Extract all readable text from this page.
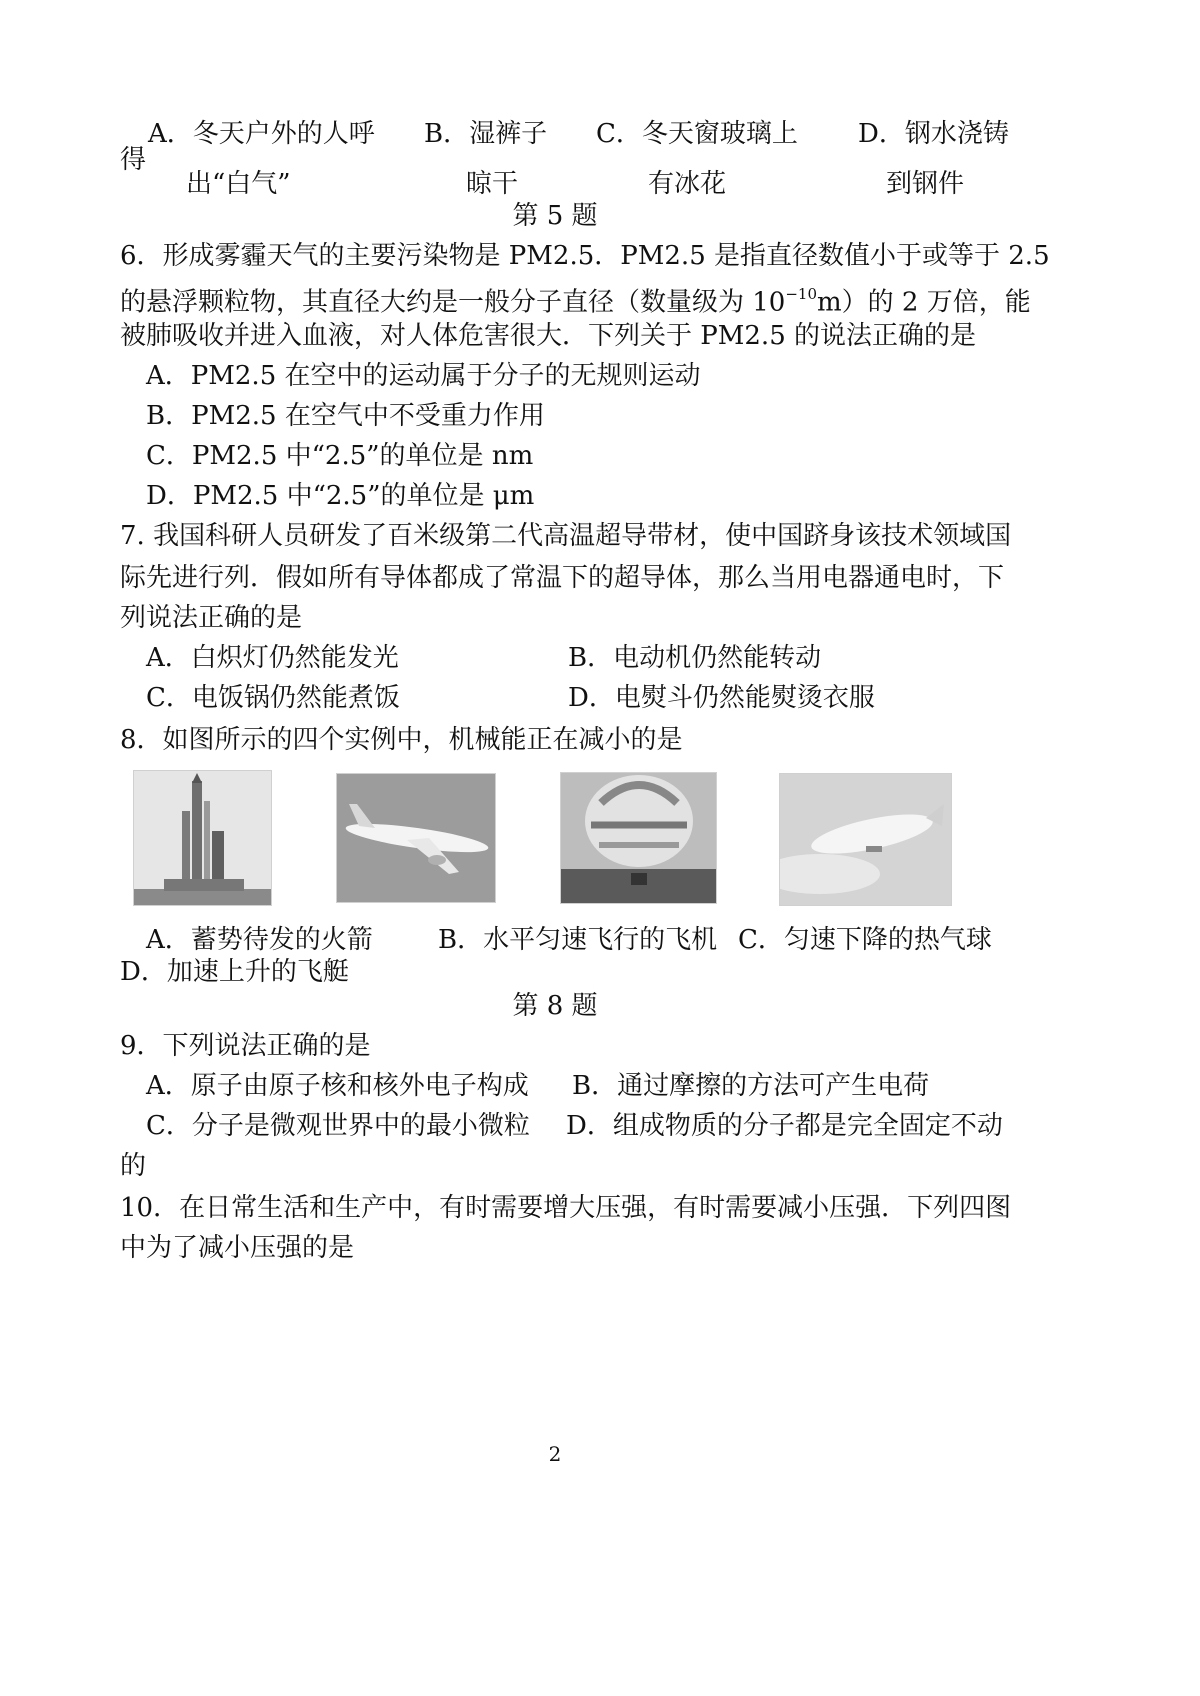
A．冬天户外的人呼 B．湿裤子 C．冬天窗玻璃上 D．钢水浇铸
得
出“白气”	晾干	有冰花	到钢件
第 5 题
6．形成雾霾天气的主要污染物是 PM2.5．PM2.5 是指直径数值小于或等于 2.5
的悬浮颗粒物，其直径大约是一般分子直径（数量级为 $10^{-10}m$）的 2 万倍，能
被肺吸收并进入血液，对人体危害很大．下列关于 PM2.5 的说法正确的是
A．PM2.5 在空中的运动属于分子的无规则运动
B．PM2.5 在空气中不受重力作用
C．PM2.5 中“2.5”的单位是 nm
D．PM2.5 中“2.5”的单位是 μm
7. 我国科研人员研发了百米级第二代高温超导带材，使中国跻身该技术领域国
际先进行列．假如所有导体都成了常温下的超导体，那么当用电器通电时，下
列说法正确的是
A．白炽灯仍然能发光	B．电动机仍然能转动
C．电饭锅仍然能煮饭	D．电熨斗仍然能熨烫衣服
8．如图所示的四个实例中，机械能正在减小的是
A．蓄势待发的火箭	B．水平匀速飞行的飞机 C．匀速下降的热气球
D．加速上升的飞艇
第 8 题
9．下列说法正确的是
A．原子由原子核和核外电子构成 B．通过摩擦的方法可产生电荷
C．分子是微观世界中的最小微粒 D．组成物质的分子都是完全固定不动
的
10．在日常生活和生产中，有时需要增大压强，有时需要减小压强．下列四图
中为了减小压强的是
2
